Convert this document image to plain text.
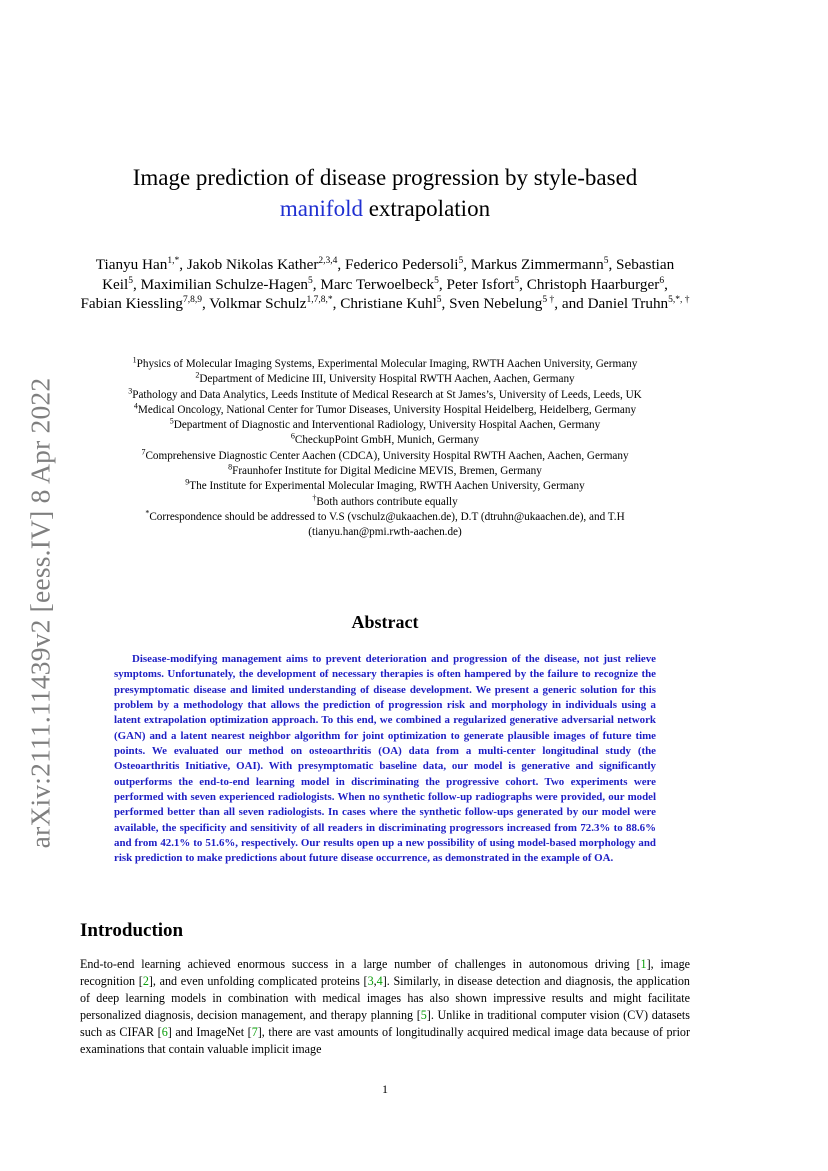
arXiv:2111.11439v2 [eess.IV] 8 Apr 2022
Image prediction of disease progression by style-based
manifold extrapolation
Tianyu Han$^{1,*}$, Jakob Nikolas Kather$^{2,3,4}$, Federico Pedersoli$^5$, Markus Zimmermann$^5$, Sebastian Keil$^5$, Maximilian Schulze-Hagen$^5$, Marc Terwoelbeck$^5$, Peter Isfort$^5$, Christoph Haarburger$^6$, Fabian Kiessling$^{7,8,9}$, Volkmar Schulz$^{1,7,8,*}$, Christiane Kuhl$^5$, Sven Nebelung$^{5 \dagger}$, and Daniel Truhn$^{5,*, \dagger}$
$^1$Physics of Molecular Imaging Systems, Experimental Molecular Imaging, RWTH Aachen University, Germany
$^2$Department of Medicine III, University Hospital RWTH Aachen, Aachen, Germany
$^3$Pathology and Data Analytics, Leeds Institute of Medical Research at St James’s, University of Leeds, Leeds, UK
$^4$Medical Oncology, National Center for Tumor Diseases, University Hospital Heidelberg, Heidelberg, Germany
$^5$Department of Diagnostic and Interventional Radiology, University Hospital Aachen, Germany
$^6$CheckupPoint GmbH, Munich, Germany
$^7$Comprehensive Diagnostic Center Aachen (CDCA), University Hospital RWTH Aachen, Aachen, Germany
$^8$Fraunhofer Institute for Digital Medicine MEVIS, Bremen, Germany
$^9$The Institute for Experimental Molecular Imaging, RWTH Aachen University, Germany
†Both authors contribute equally
*Correspondence should be addressed to V.S (vschulz@ukaachen.de), D.T (dtruhn@ukaachen.de), and T.H
(tianyu.han@pmi.rwth-aachen.de)
Abstract
Disease-modifying management aims to prevent deterioration and progression of the disease, not just relieve symptoms. Unfortunately, the development of necessary therapies is often hampered by the failure to recognize the presymptomatic disease and limited understanding of disease development. We present a generic solution for this problem by a methodology that allows the prediction of progression risk and morphology in individuals using a latent extrapolation optimization approach. To this end, we combined a regularized generative adversarial network (GAN) and a latent nearest neighbor algorithm for joint optimization to generate plausible images of future time points. We evaluated our method on osteoarthritis (OA) data from a multi-center longitudinal study (the Osteoarthritis Initiative, OAI). With presymptomatic baseline data, our model is generative and significantly outperforms the end-to-end learning model in discriminating the progressive cohort. Two experiments were performed with seven experienced radiologists. When no synthetic follow-up radiographs were provided, our model performed better than all seven radiologists. In cases where the synthetic follow-ups generated by our model were available, the specificity and sensitivity of all readers in discriminating progressors increased from 72.3% to 88.6% and from 42.1% to 51.6%, respectively. Our results open up a new possibility of using model-based morphology and risk prediction to make predictions about future disease occurrence, as demonstrated in the example of OA.
Introduction
End-to-end learning achieved enormous success in a large number of challenges in autonomous driving [1], image recognition [2], and even unfolding complicated proteins [3,4]. Similarly, in disease detection and diagnosis, the application of deep learning models in combination with medical images has also shown impressive results and might facilitate personalized diagnosis, decision management, and therapy planning [5]. Unlike in traditional computer vision (CV) datasets such as CIFAR [6] and ImageNet [7], there are vast amounts of longitudinally acquired medical image data because of prior examinations that contain valuable implicit image
1
